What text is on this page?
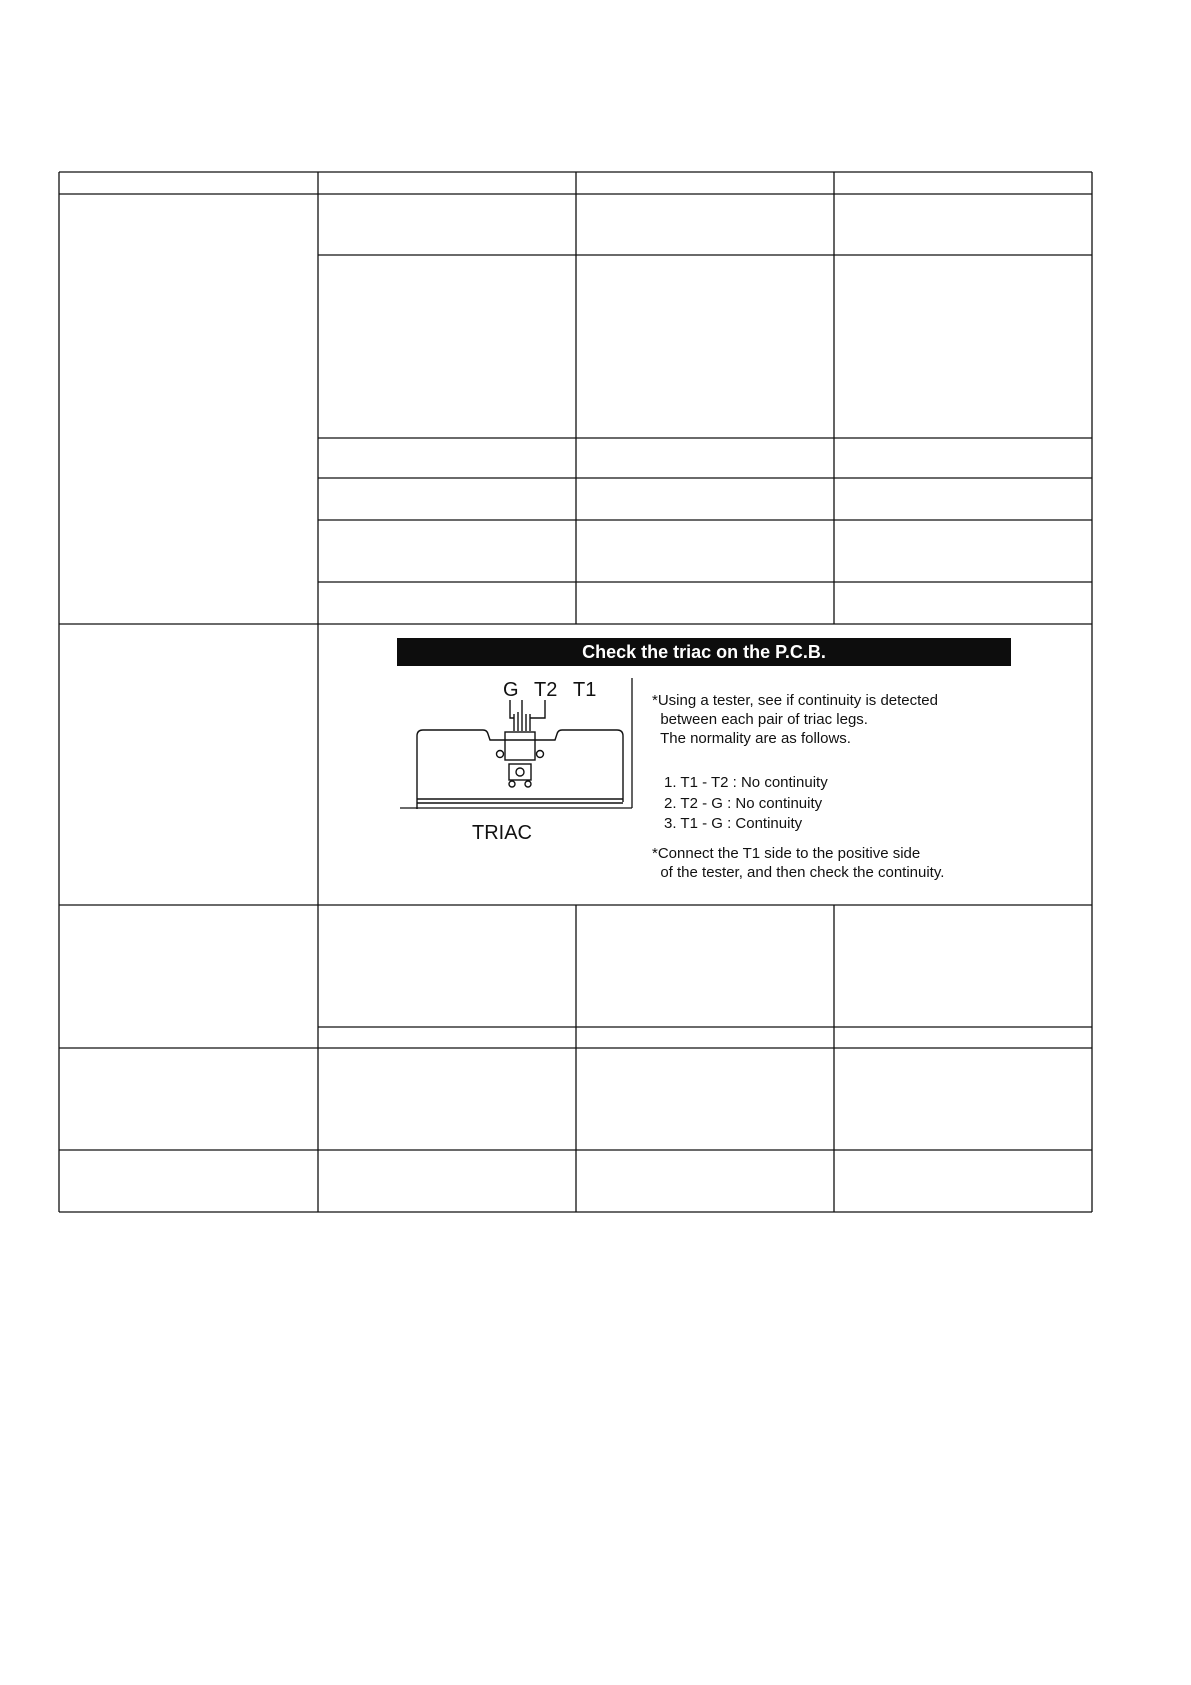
Check the triac on the P.C.B.
G T2 T1
TRIAC
*Using a tester, see if continuity is detected
between each pair of triac legs.
The normality are as follows.
1. T1 - T2 : No continuity
2. T2 - G : No continuity
3. T1 - G : Continuity
*Connect the T1 side to the positive side
of the tester, and then check the continuity.
